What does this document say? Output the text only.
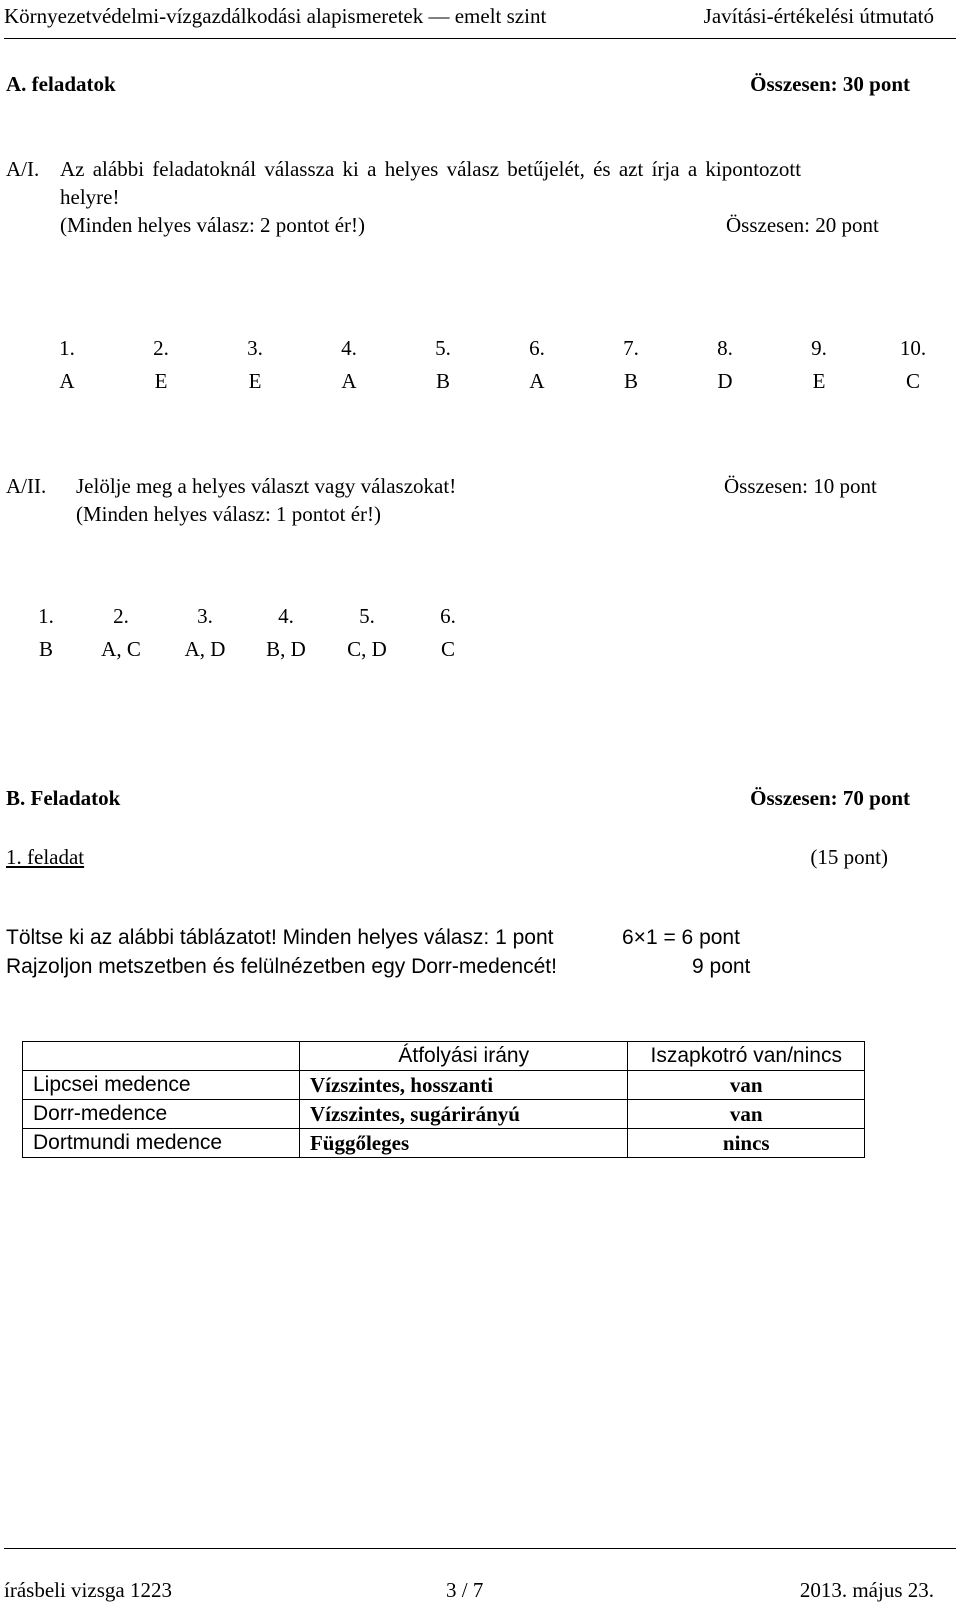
Környezetvédelmi-vízgazdálkodási alapismeretek — emelt szint	Javítási-értékelési útmutató
A. feladatok	Összesen: 30 pont
A/I. Az alábbi feladatoknál válassza ki a helyes válasz betűjelét, és azt írja a kipontozott
helyre!
(Minden helyes válasz: 2 pontot ér!)	Összesen: 20 pont
1.	2.	3.	4.	5.	6.	7.	8.	9.	10.
A	E	E	A	B	A	B	D	E	C
A/II. Jelölje meg a helyes választ vagy válaszokat!
(Minden helyes válasz: 1 pontot ér!)
Összesen: 10 pont
1.	2.	3.	4.	5.	6.
B	A, C	A, D	B, D	C, D	C
B. Feladatok	Összesen: 70 pont
1. feladat	(15 pont)
Töltse ki az alábbi táblázatot! Minden helyes válasz: 1 pont	6×1 = 6 pont
Rajzoljon metszetben és felülnézetben egy Dorr-medencét!	9 pont
	Átfolyási irány	Iszapkotró van/nincs
Lipcsei medence	Vízszintes, hosszanti	van
Dorr-medence	Vízszintes, sugárirányú	van
Dortmundi medence	Függőleges	nincs
írásbeli vizsga 1223	3 / 7	2013. május 23.
